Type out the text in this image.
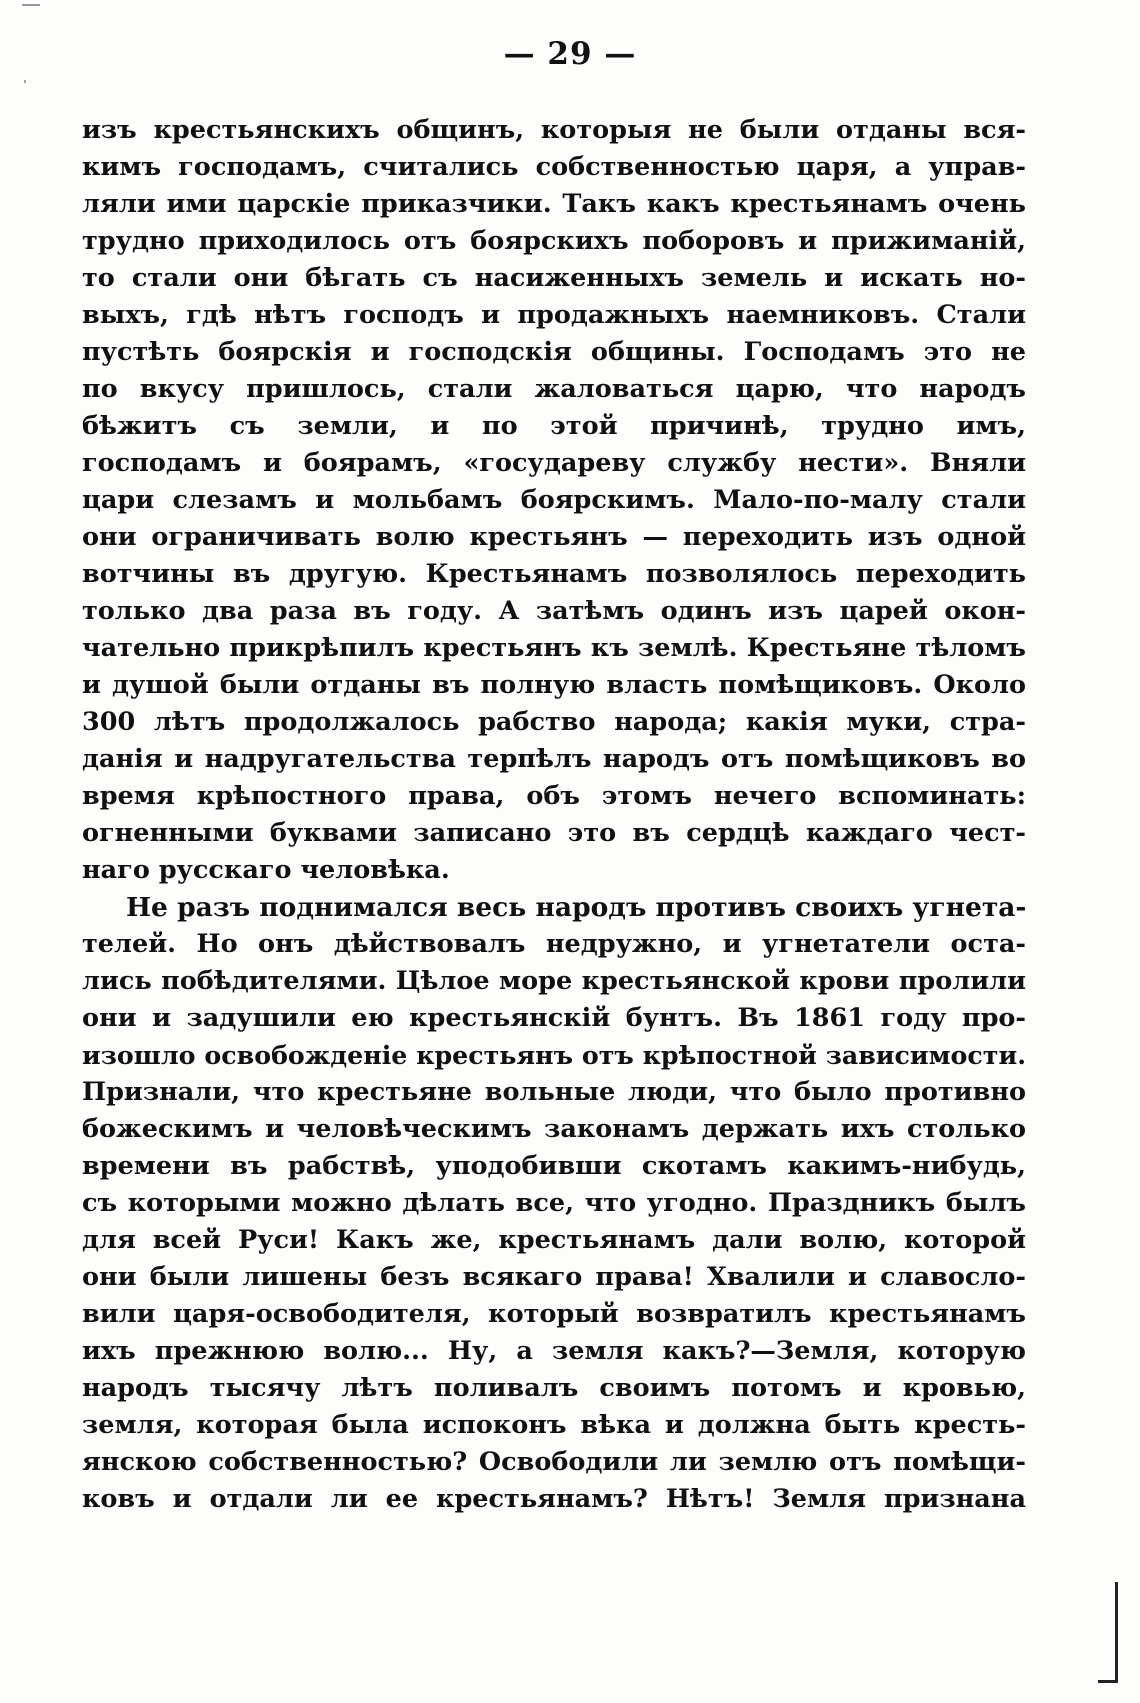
— 29 —
изъ крестьянскихъ общинъ, которыя не были отданы вся-
кимъ господамъ, считались собственностью царя, а управ-
ляли ими царскіе приказчики. Такъ какъ крестьянамъ очень
трудно приходилось отъ боярскихъ поборовъ и прижиманій,
то стали они бѣгать съ насиженныхъ земель и искать но-
выхъ, гдѣ нѣтъ господъ и продажныхъ наемниковъ. Стали
пустѣть боярскія и господскія общины. Господамъ это не
по вкусу пришлось, стали жаловаться царю, что народъ
бѣжитъ съ земли, и по этой причинѣ, трудно имъ,
господамъ и боярамъ, «государеву службу нести». Вняли
цари слезамъ и мольбамъ боярскимъ. Мало-по-малу стали
они ограничивать волю крестьянъ — переходить изъ одной
вотчины въ другую. Крестьянамъ позволялось переходить
только два раза въ году. А затѣмъ одинъ изъ царей окон-
чательно прикрѣпилъ крестьянъ къ землѣ. Крестьяне тѣломъ
и душой были отданы въ полную власть помѣщиковъ. Около
300 лѣтъ продолжалось рабство народа; какія муки, стра-
данія и надругательства терпѣлъ народъ отъ помѣщиковъ во
время крѣпостного права, объ этомъ нечего вспоминать:
огненными буквами записано это въ сердцѣ каждаго чест-
наго русскаго человѣка.
Не разъ поднимался весь народъ противъ своихъ угнета-
телей. Но онъ дѣйствовалъ недружно, и угнетатели оста-
лись побѣдителями. Цѣлое море крестьянской крови пролили
они и задушили ею крестьянскій бунтъ. Въ 1861 году про-
изошло освобожденіе крестьянъ отъ крѣпостной зависимости.
Признали, что крестьяне вольные люди, что было противно
божескимъ и человѣческимъ законамъ держать ихъ столько
времени въ рабствѣ, уподобивши скотамъ какимъ-нибудь,
съ которыми можно дѣлать все, что угодно. Праздникъ былъ
для всей Руси! Какъ же, крестьянамъ дали волю, которой
они были лишены безъ всякаго права! Хвалили и славосло-
вили царя-освободителя, который возвратилъ крестьянамъ
ихъ прежнюю волю... Ну, а земля какъ?—Земля, которую
народъ тысячу лѣтъ поливалъ своимъ потомъ и кровью,
земля, которая была испоконъ вѣка и должна быть кресть-
янскою собственностью? Освободили ли землю отъ помѣщи-
ковъ и отдали ли ее крестьянамъ? Нѣтъ! Земля признана
